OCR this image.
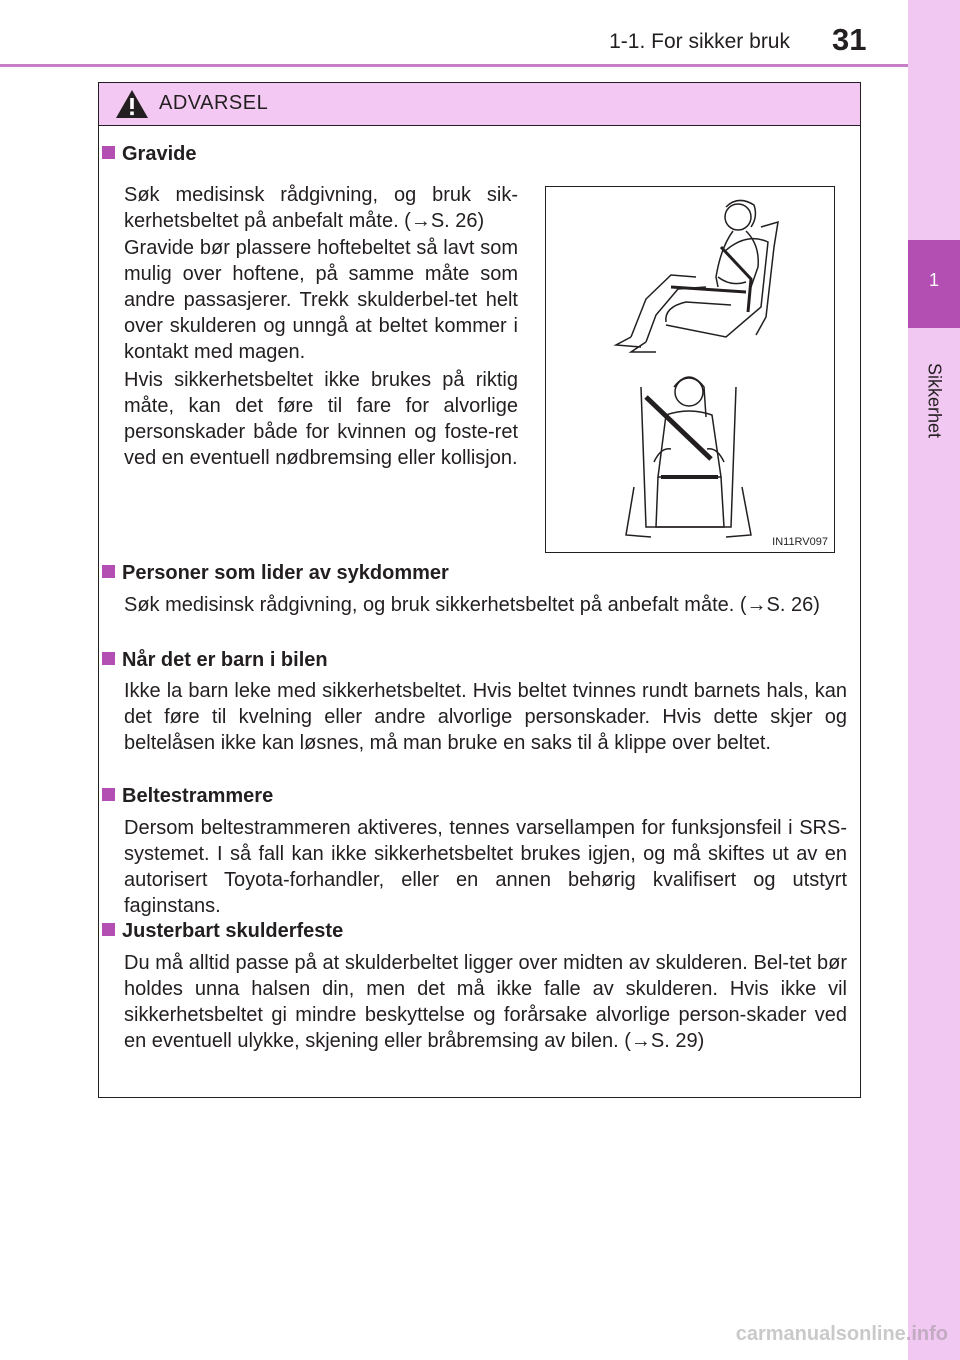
1-1. For sikker bruk 31
1
Sikkerhet
ADVARSEL
Gravide

Søk medisinsk rådgivning, og bruk sik-kerhetsbeltet på anbefalt måte. (→S. 26)

Gravide bør plassere hoftebeltet så lavt som mulig over hoftene, på samme måte som andre passasjerer. Trekk skulderbel-tet helt over skulderen og unngå at beltet kommer i kontakt med magen.

Hvis sikkerhetsbeltet ikke brukes på riktig måte, kan det føre til fare for alvorlige personskader både for kvinnen og foste-ret ved en eventuell nødbremsing eller kollisjon.

IN11RV097
Personer som lider av sykdommer

Søk medisinsk rådgivning, og bruk sikkerhetsbeltet på anbefalt måte. (→S. 26)

Når det er barn i bilen

Ikke la barn leke med sikkerhetsbeltet. Hvis beltet tvinnes rundt barnets hals, kan det føre til kvelning eller andre alvorlige personskader. Hvis dette skjer og beltelåsen ikke kan løsnes, må man bruke en saks til å klippe over beltet.

Beltestrammere

Dersom beltestrammeren aktiveres, tennes varsellampen for funksjonsfeil i SRS-systemet. I så fall kan ikke sikkerhetsbeltet brukes igjen, og må skiftes ut av en autorisert Toyota-forhandler, eller en annen behørig kvalifisert og utstyrt faginstans.

Justerbart skulderfeste

Du må alltid passe på at skulderbeltet ligger over midten av skulderen. Bel-tet bør holdes unna halsen din, men det må ikke falle av skulderen. Hvis ikke vil sikkerhetsbeltet gi mindre beskyttelse og forårsake alvorlige person-skader ved en eventuell ulykke, skjening eller bråbremsing av bilen. (→S. 29)

carmanualsonline.info
